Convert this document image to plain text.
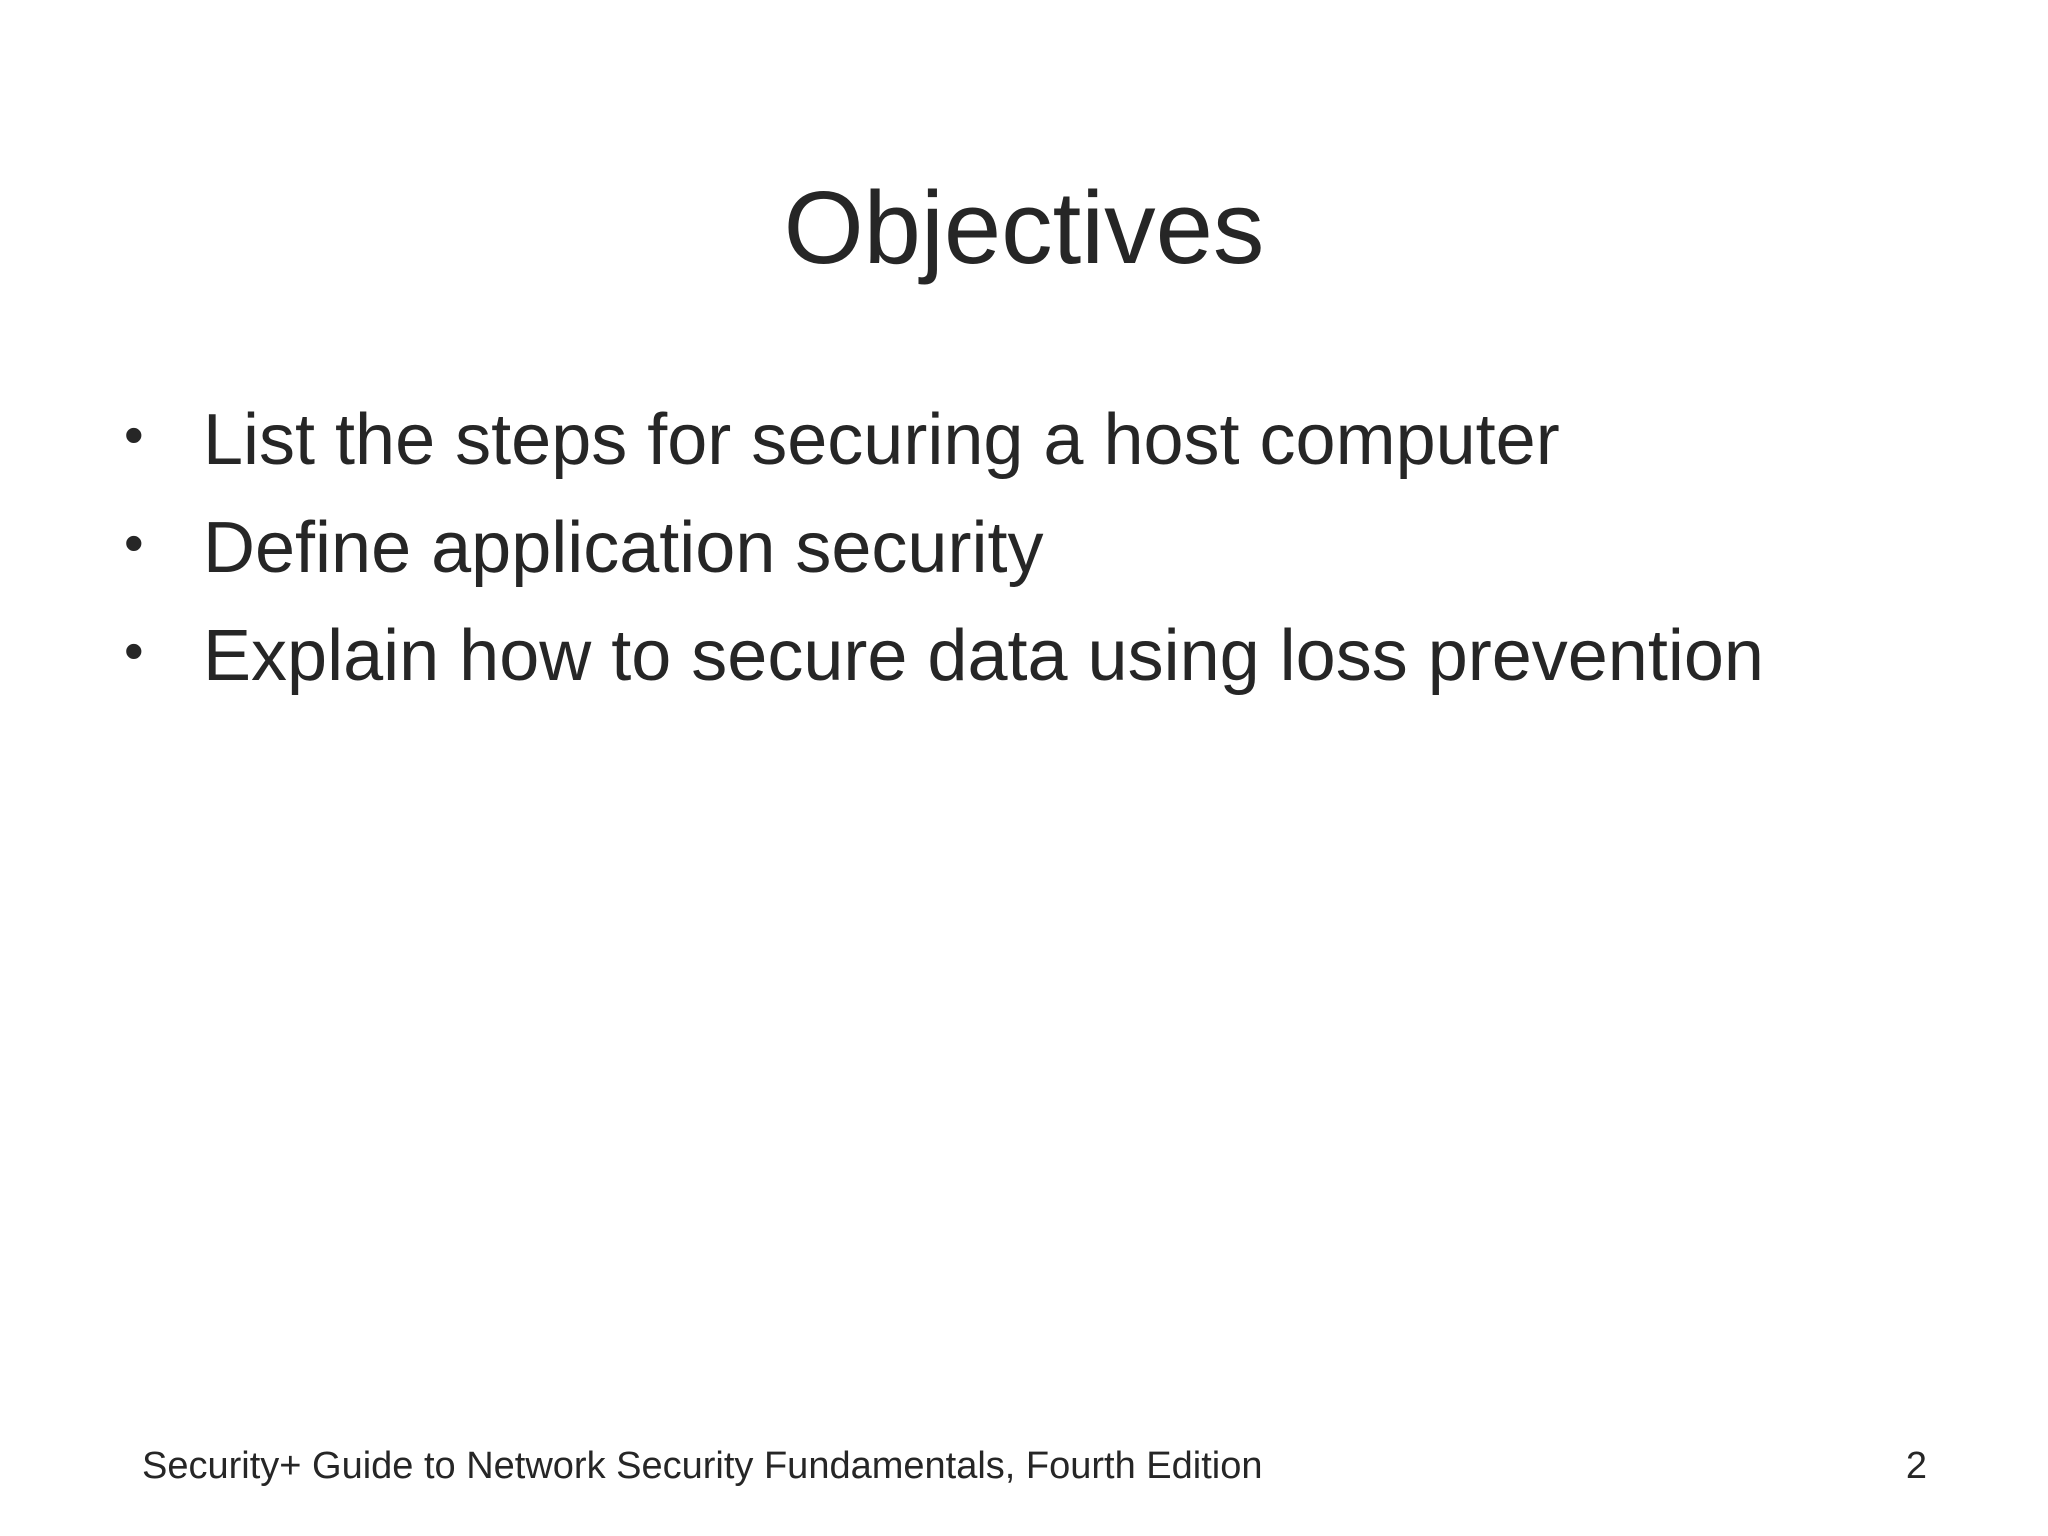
Objectives
• List the steps for securing a host computer
• Define application security
• Explain how to secure data using loss prevention
Security+ Guide to Network Security Fundamentals, Fourth Edition	2
